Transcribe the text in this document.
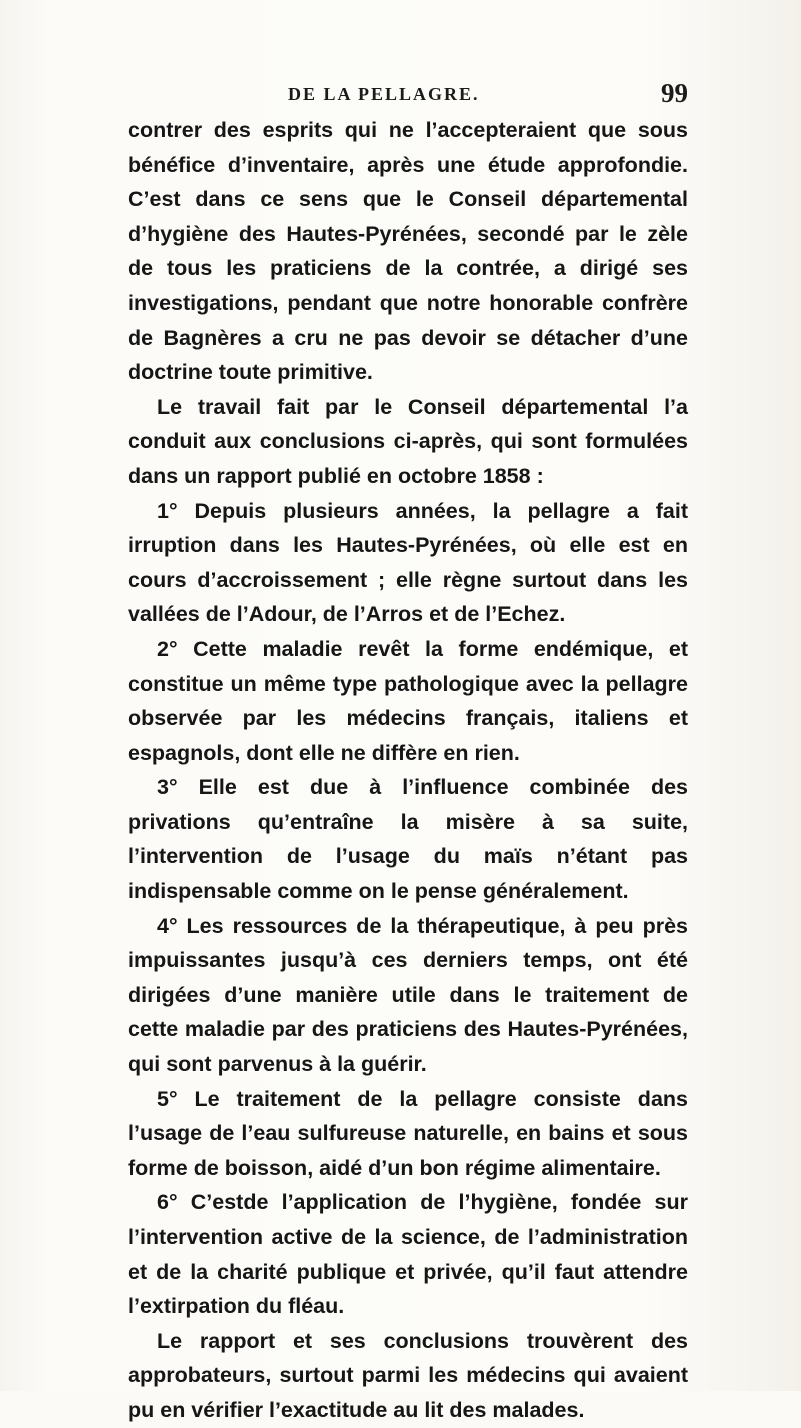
DE LA PELLAGRE.	99

contrer des esprits qui ne l’accepteraient que sous bénéfice d’inventaire, après une étude approfondie. C’est dans ce sens que le Conseil départemental d’hygiène des Hautes-Pyrénées, secondé par le zèle de tous les praticiens de la contrée, a dirigé ses investigations, pendant que notre honorable confrère de Bagnères a cru ne pas devoir se détacher d’une doctrine toute primitive.

Le travail fait par le Conseil départemental l’a conduit aux conclusions ci-après, qui sont formulées dans un rapport publié en octobre 1858 :

1° Depuis plusieurs années, la pellagre a fait irruption dans les Hautes-Pyrénées, où elle est en cours d’accroissement ; elle règne surtout dans les vallées de l’Adour, de l’Arros et de l’Echez.

2° Cette maladie revêt la forme endémique, et constitue un même type pathologique avec la pellagre observée par les médecins français, italiens et espagnols, dont elle ne diffère en rien.

3° Elle est due à l’influence combinée des privations qu’entraîne la misère à sa suite, l’intervention de l’usage du maïs n’étant pas indispensable comme on le pense généralement.

4° Les ressources de la thérapeutique, à peu près impuissantes jusqu’à ces derniers temps, ont été dirigées d’une manière utile dans le traitement de cette maladie par des praticiens des Hautes-Pyrénées, qui sont parvenus à la guérir.

5° Le traitement de la pellagre consiste dans l’usage de l’eau sulfureuse naturelle, en bains et sous forme de boisson, aidé d’un bon régime alimentaire.

6° C’estde l’application de l’hygiène, fondée sur l’intervention active de la science, de l’administration et de la charité publique et privée, qu’il faut attendre l’extirpation du fléau.

Le rapport et ses conclusions trouvèrent des approbateurs, surtout parmi les médecins qui avaient pu en vérifier l’exactitude au lit des malades.
